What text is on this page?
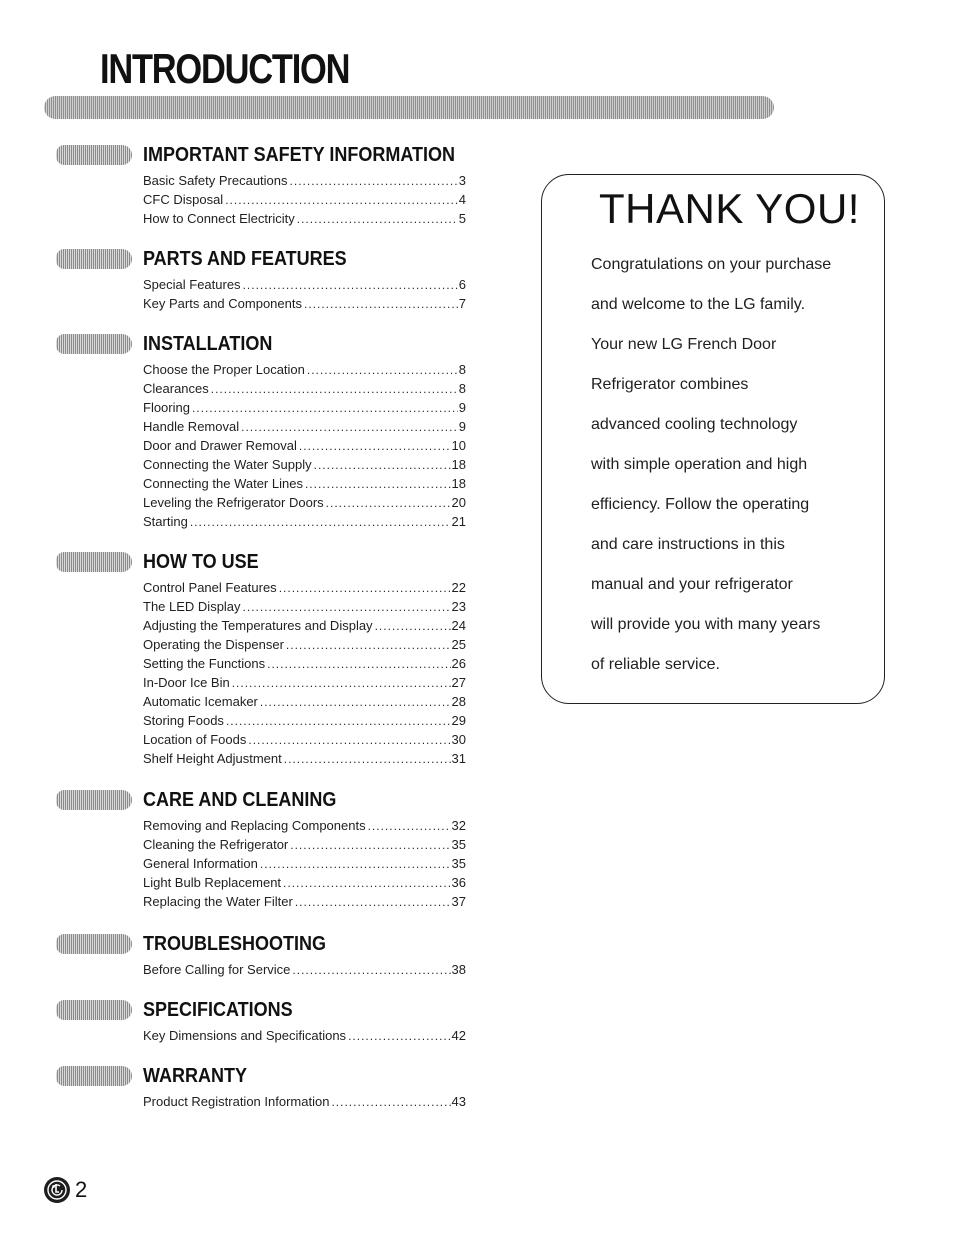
INTRODUCTION
IMPORTANT SAFETY INFORMATION
Basic Safety Precautions .....	3
CFC Disposal .....	4
How to Connect Electricity .....	5
PARTS AND FEATURES
Special Features .....	6
Key Parts and Components .....	7
INSTALLATION
Choose the Proper Location .....	8
Clearances .....	8
Flooring .....	9
Handle Removal .....	9
Door and Drawer Removal .....	10
Connecting the Water Supply .....	18
Connecting the Water Lines .....	18
Leveling the Refrigerator Doors .....	20
Starting .....	21
HOW TO USE
Control Panel Features .....	22
The LED Display .....	23
Adjusting the Temperatures and Display .....	24
Operating the Dispenser .....	25
Setting the Functions .....	26
In-Door Ice Bin .....	27
Automatic Icemaker .....	28
Storing Foods .....	29
Location of Foods .....	30
Shelf Height Adjustment .....	31
CARE AND CLEANING
Removing and Replacing Components .....	32
Cleaning the Refrigerator .....	35
General Information .....	35
Light Bulb Replacement .....	36
Replacing the Water Filter .....	37
TROUBLESHOOTING
Before Calling for Service .....	38
SPECIFICATIONS
Key Dimensions and Specifications .....	42
WARRANTY
Product Registration Information .....	43
THANK YOU!
Congratulations on your purchase
and welcome to the LG family.
Your new LG French Door
Refrigerator combines
advanced cooling technology
with simple operation and high
efficiency. Follow the operating
and care instructions in this
manual and your refrigerator
will provide you with many years
of reliable service.
2
